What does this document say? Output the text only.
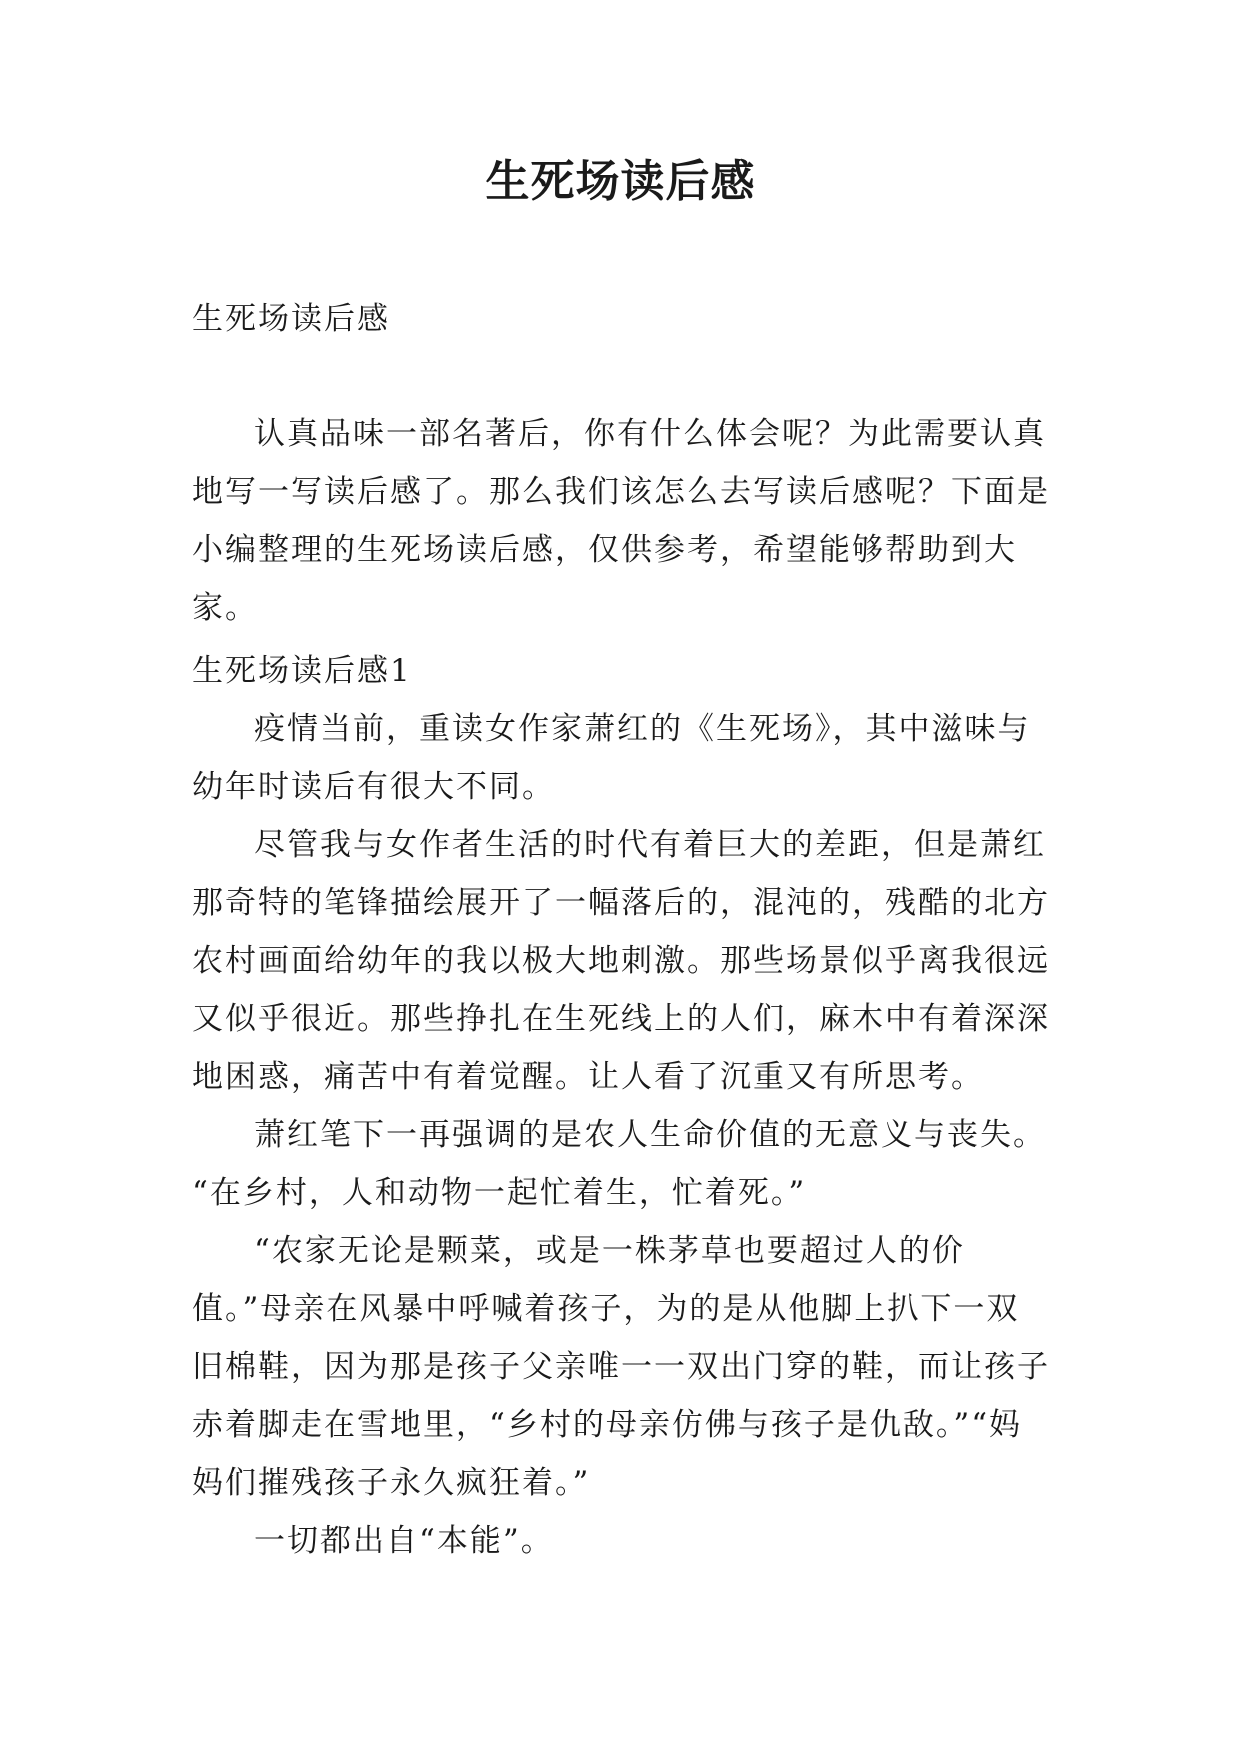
生死场读后感
生死场读后感

认真品味一部名著后，你有什么体会呢？为此需要认真地写一写读后感了。那么我们该怎么去写读后感呢？下面是小编整理的生死场读后感，仅供参考，希望能够帮助到大家。

生死场读后感1

疫情当前，重读女作家萧红的《生死场》，其中滋味与幼年时读后有很大不同。

尽管我与女作者生活的时代有着巨大的差距，但是萧红那奇特的笔锋描绘展开了一幅落后的，混沌的，残酷的北方农村画面给幼年的我以极大地刺激。那些场景似乎离我很远又似乎很近。那些挣扎在生死线上的人们，麻木中有着深深地困惑，痛苦中有着觉醒。让人看了沉重又有所思考。

萧红笔下一再强调的是农人生命价值的无意义与丧失。

“在乡村，人和动物一起忙着生，忙着死。”

“农家无论是颗菜，或是一株茅草也要超过人的价值。”母亲在风暴中呼喊着孩子，为的是从他脚上扒下一双旧棉鞋，因为那是孩子父亲唯一一双出门穿的鞋，而让孩子赤着脚走在雪地里，“乡村的母亲仿佛与孩子是仇敌。”“妈妈们摧残孩子永久疯狂着。”

一切都出自“本能”。
